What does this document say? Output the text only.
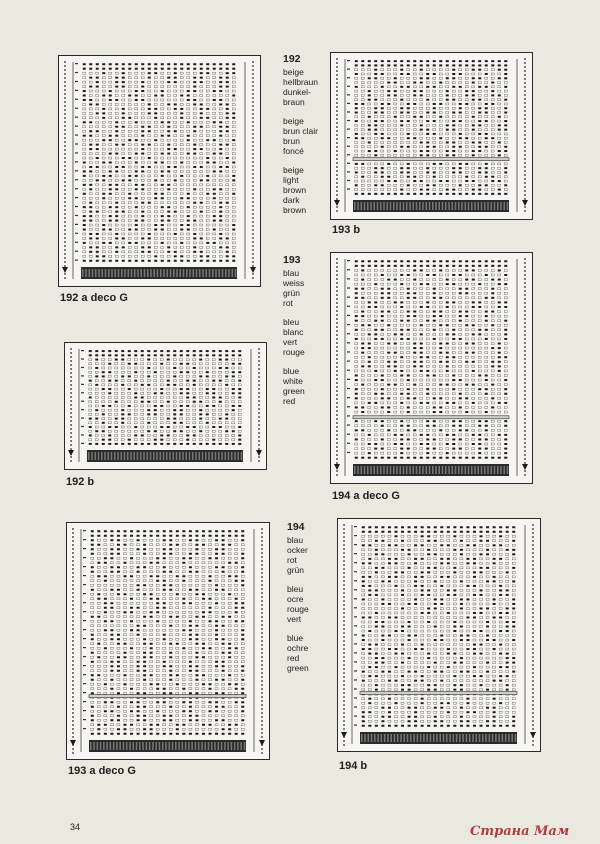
192 a deco G
193 b
192
beige
hellbraun
dunkel-
braun
beige
brun clair
brun
foncé
beige
light
brown
dark
brown
192 b
194 a deco G
193
blau
weiss
grün
rot
bleu
blanc
vert
rouge
blue
white
green
red
193 a deco G	194 b
194
blau
ocker
rot
grün
bleu
ocre
rouge
vert
blue
ochre
red
green
34	Страна Мам
